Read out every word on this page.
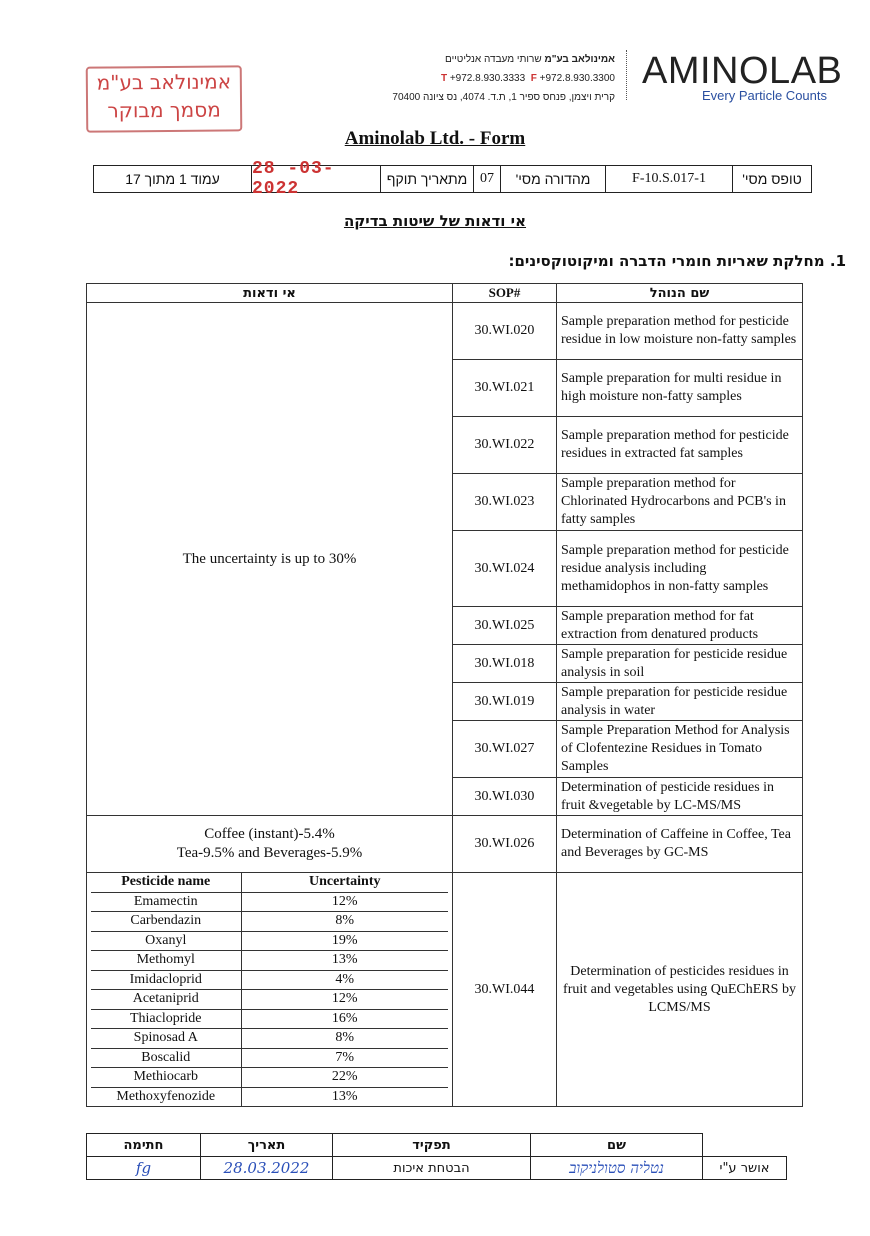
אמינולאב בע"מ
מסמך מבוקר
אמינולאב בע"מ שרותי מעבדה אנליטיים
T +972.8.930.3333 F +972.8.930.3300
קרית ויצמן, פנחס ספיר 1, ת.ד. 4074, נס ציונה 70400
AMINOLAB
Every Particle Counts
Aminolab Ltd. - Form
טופס מסי'
F-10.S.017-1
מהדורה מסי'
07
מתאריך תוקף
28 -03- 2022
עמוד 1 מתוך 17
אי ודאות של שיטות בדיקה
1. מחלקת שאריות חומרי הדברה ומיקוטוקסינים:
אי ודאות	SOP#	שם הנוהל
The uncertainty is up to 30%	30.WI.020	Sample preparation method for pesticide residue in low moisture non-fatty samples
30.WI.021	Sample preparation for multi residue in high moisture non-fatty samples
30.WI.022	Sample preparation method for pesticide residues in extracted fat samples
30.WI.023	Sample preparation method for Chlorinated Hydrocarbons and PCB's in fatty samples
30.WI.024	Sample preparation method for pesticide residue analysis including methamidophos in non-fatty samples
30.WI.025	Sample preparation method for fat extraction from denatured products
30.WI.018	Sample preparation for pesticide residue analysis in soil
30.WI.019	Sample preparation for pesticide residue analysis in water
30.WI.027	Sample Preparation Method for Analysis of Clofentezine Residues in Tomato Samples
30.WI.030	Determination of pesticide residues in fruit &vegetable by LC-MS/MS

Coffee (instant)-5.4%
Tea-9.5% and Beverages-5.9%
	30.WI.026	Determination of Caffeine in Coffee, Tea and Beverages by GC-MS

Pesticide name	Uncertainty
Emamectin	12%
Carbendazin	8%
Oxanyl	19%
Methomyl	13%
Imidacloprid	4%
Acetaniprid	12%
Thiaclopride	16%
Spinosad A	8%
Boscalid	7%
Methiocarb	22%
Methoxyfenozide	13%
	30.WI.044	Determination of pesticides residues in fruit and vegetables using QuEChERS by LCMS/MS
חתימה	תאריך	תפקיד	שם	
fg	28.03.2022	הבטחת איכות	נטליה סטולניקוב	אושר ע"י
